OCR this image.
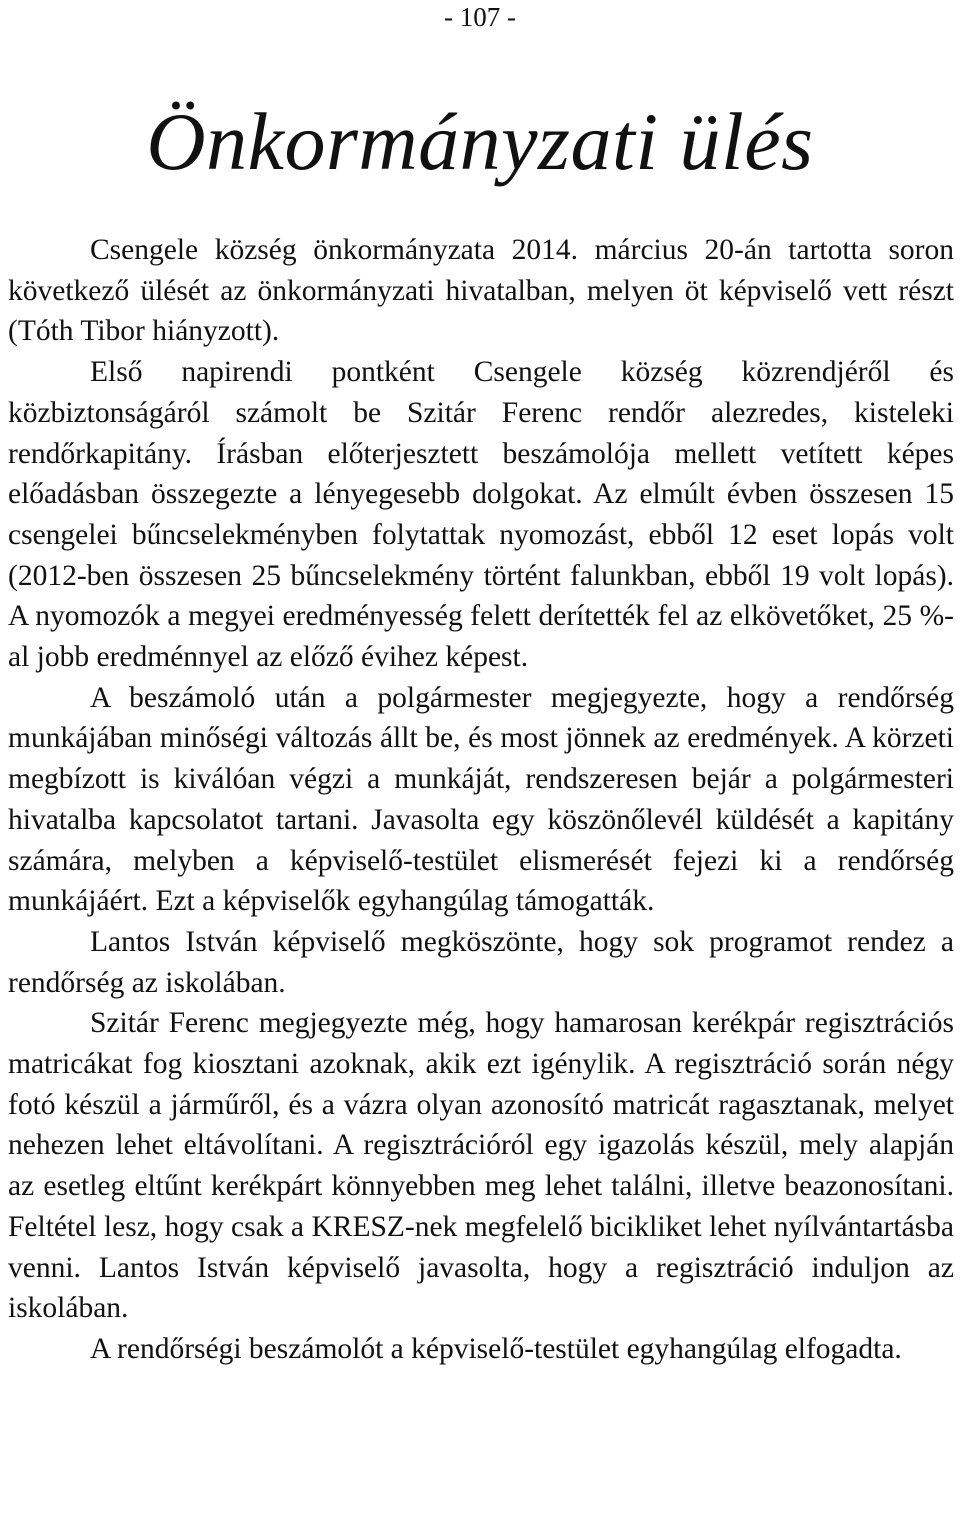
- 107 -
Önkormányzati ülés

Csengele község önkormányzata 2014. március 20-án tartotta soron következő ülését az önkormányzati hivatalban, melyen öt képviselő vett részt (Tóth Tibor hiányzott).

Első napirendi pontként Csengele község közrendjéről és közbiztonságáról számolt be Szitár Ferenc rendőr alezredes, kisteleki rendőrkapitány. Írásban előterjesztett beszámolója mellett vetített képes előadásban összegezte a lényegesebb dolgokat. Az elmúlt évben összesen 15 csengelei bűncselekményben folytattak nyomozást, ebből 12 eset lopás volt (2012-ben összesen 25 bűncselekmény történt falunkban, ebből 19 volt lopás). A nyomozók a megyei eredményesség felett derítették fel az elkövetőket, 25 %-al jobb eredménnyel az előző évihez képest.

A beszámoló után a polgármester megjegyezte, hogy a rendőrség munkájában minőségi változás állt be, és most jönnek az eredmények. A körzeti megbízott is kiválóan végzi a munkáját, rendszeresen bejár a polgármesteri hivatalba kapcsolatot tartani. Javasolta egy köszönőlevél küldését a kapitány számára, melyben a képviselő-testület elismerését fejezi ki a rendőrség munkájáért. Ezt a képviselők egyhangúlag támogatták.

Lantos István képviselő megköszönte, hogy sok programot rendez a rendőrség az iskolában.

Szitár Ferenc megjegyezte még, hogy hamarosan kerékpár regisztrációs matricákat fog kiosztani azoknak, akik ezt igénylik. A regisztráció során négy fotó készül a járműről, és a vázra olyan azonosító matricát ragasztanak, melyet nehezen lehet eltávolítani. A regisztrációról egy igazolás készül, mely alapján az esetleg eltűnt kerékpárt könnyebben meg lehet találni, illetve beazonosítani. Feltétel lesz, hogy csak a KRESZ-nek megfelelő bicikliket lehet nyílvántartásba venni. Lantos István képviselő javasolta, hogy a regisztráció induljon az iskolában.

A rendőrségi beszámolót a képviselő-testület egyhangúlag elfogadta.
